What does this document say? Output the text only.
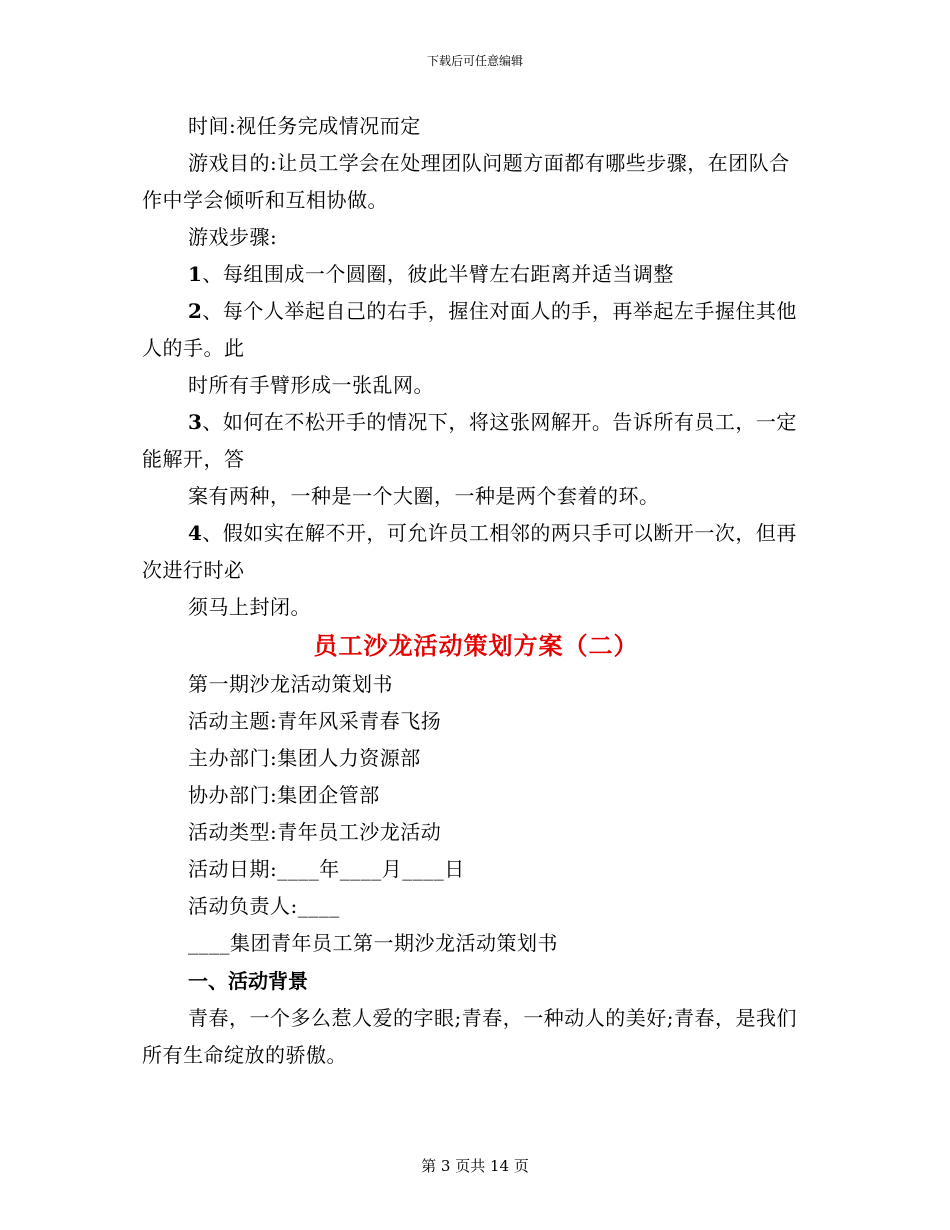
下载后可任意编辑

时间:视任务完成情况而定

游戏目的:让员工学会在处理团队问题方面都有哪些步骤，在团队合作中学会倾听和互相协做。

游戏步骤:

1、每组围成一个圆圈，彼此半臂左右距离并适当调整

2、每个人举起自己的右手，握住对面人的手，再举起左手握住其他人的手。此

时所有手臂形成一张乱网。

3、如何在不松开手的情况下，将这张网解开。告诉所有员工，一定能解开，答

案有两种，一种是一个大圈，一种是两个套着的环。

4、假如实在解不开，可允许员工相邻的两只手可以断开一次，但再次进行时必

须马上封闭。

员工沙龙活动策划方案（二）

第一期沙龙活动策划书

活动主题:青年风采青春飞扬

主办部门:集团人力资源部

协办部门:集团企管部

活动类型:青年员工沙龙活动

活动日期:____年____月____日

活动负责人:____

____集团青年员工第一期沙龙活动策划书

一、活动背景

青春，一个多么惹人爱的字眼;青春，一种动人的美好;青春，是我们所有生命绽放的骄傲。

第 3 页共 14 页
